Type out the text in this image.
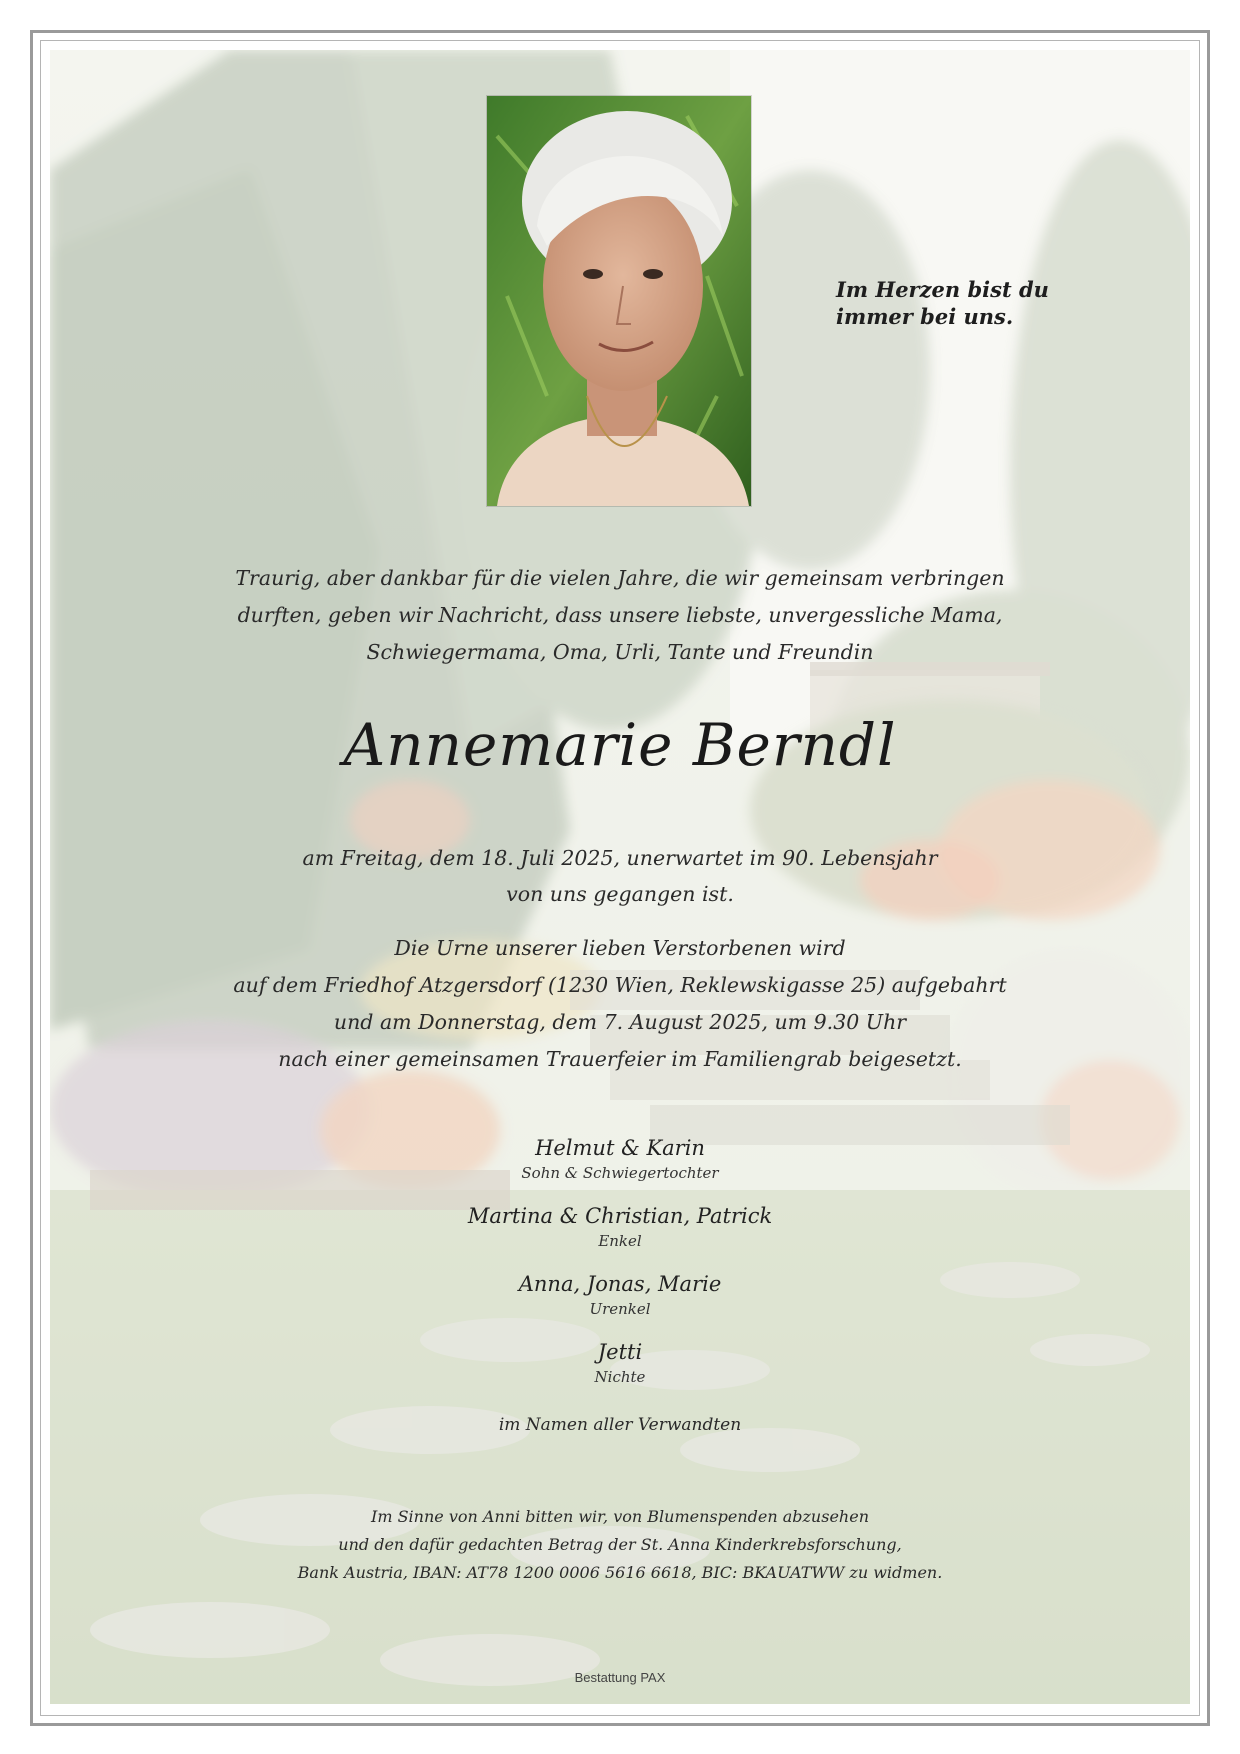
Im Herzen bist du
immer bei uns.
Traurig, aber dankbar für die vielen Jahre, die wir gemeinsam verbringen
durften, geben wir Nachricht, dass unsere liebste, unvergessliche Mama,
Schwiegermama, Oma, Urli, Tante und Freundin
Annemarie Berndl
am Freitag, dem 18. Juli 2025, unerwartet im 90. Lebensjahr
von uns gegangen ist.
Die Urne unserer lieben Verstorbenen wird
auf dem Friedhof Atzgersdorf (1230 Wien, Reklewskigasse 25) aufgebahrt
und am Donnerstag, dem 7. August 2025, um 9.30 Uhr
nach einer gemeinsamen Trauerfeier im Familiengrab beigesetzt.
Helmut & Karin
Sohn & Schwiegertochter
Martina & Christian, Patrick
Enkel
Anna, Jonas, Marie
Urenkel
Jetti
Nichte
im Namen aller Verwandten
Im Sinne von Anni bitten wir, von Blumenspenden abzusehen
und den dafür gedachten Betrag der St. Anna Kinderkrebsforschung,
Bank Austria, IBAN: AT78 1200 0006 5616 6618, BIC: BKAUATWW zu widmen.
Bestattung PAX
